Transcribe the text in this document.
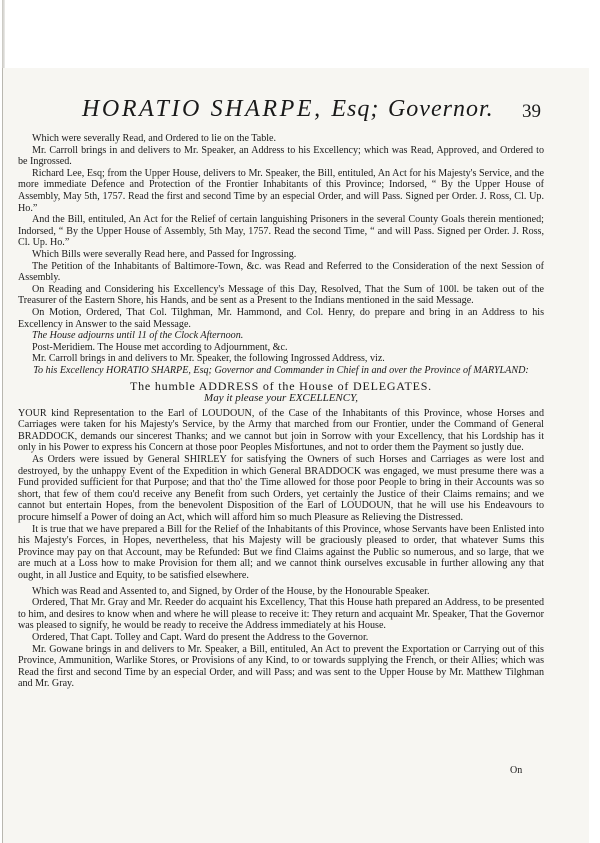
HORATIO SHARPE, Esq; Governor. 39

Which were severally Read, and Ordered to lie on the Table.

Mr. Carroll brings in and delivers to Mr. Speaker, an Address to his Excellency; which was Read, Approved, and Ordered to be Ingrossed.

Richard Lee, Esq; from the Upper House, delivers to Mr. Speaker, the Bill, entituled, An Act for his Majesty's Service, and the more immediate Defence and Protection of the Frontier Inhabitants of this Province; Indorsed, “ By the Upper House of Assembly, May 5th, 1757. Read the first and second Time by an especial Order, and will Pass. Signed per Order. J. Ross, Cl. Up. Ho.”

And the Bill, entituled, An Act for the Relief of certain languishing Prisoners in the several County Goals therein mentioned; Indorsed, “ By the Upper House of Assembly, 5th May, 1757. Read the second Time, “ and will Pass. Signed per Order. J. Ross, Cl. Up. Ho.”

Which Bills were severally Read here, and Passed for Ingrossing.

The Petition of the Inhabitants of Baltimore-Town, &c. was Read and Referred to the Consideration of the next Session of Assembly.

On Reading and Considering his Excellency's Message of this Day, Resolved, That the Sum of 100l. be taken out of the Treasurer of the Eastern Shore, his Hands, and be sent as a Present to the Indians mentioned in the said Message.

On Motion, Ordered, That Col. Tilghman, Mr. Hammond, and Col. Henry, do prepare and bring in an Address to his Excellency in Answer to the said Message.

The House adjourns until 11 of the Clock Afternoon.

Post-Meridiem. The House met according to Adjournment, &c.

Mr. Carroll brings in and delivers to Mr. Speaker, the following Ingrossed Address, viz.

To his Excellency HORATIO SHARPE, Esq; Governor and Commander in Chief in and over the Province of MARYLAND:

The humble ADDRESS of the House of DELEGATES.

May it please your EXCELLENCY,

YOUR kind Representation to the Earl of LOUDOUN, of the Case of the Inhabitants of this Province, whose Horses and Carriages were taken for his Majesty's Service, by the Army that marched from our Frontier, under the Command of General BRADDOCK, demands our sincerest Thanks; and we cannot but join in Sorrow with your Excellency, that his Lordship has it only in his Power to express his Concern at those poor Peoples Misfortunes, and not to order them the Payment so justly due.

As Orders were issued by General SHIRLEY for satisfying the Owners of such Horses and Carriages as were lost and destroyed, by the unhappy Event of the Expedition in which General BRADDOCK was engaged, we must presume there was a Fund provided sufficient for that Purpose; and that tho' the Time allowed for those poor People to bring in their Accounts was so short, that few of them cou'd receive any Benefit from such Orders, yet certainly the Justice of their Claims remains; and we cannot but entertain Hopes, from the benevolent Disposition of the Earl of LOUDOUN, that he will use his Endeavours to procure himself a Power of doing an Act, which will afford him so much Pleasure as Relieving the Distressed.

It is true that we have prepared a Bill for the Relief of the Inhabitants of this Province, whose Servants have been Enlisted into his Majesty's Forces, in Hopes, nevertheless, that his Majesty will be graciously pleased to order, that whatever Sums this Province may pay on that Account, may be Refunded: But we find Claims against the Public so numerous, and so large, that we are much at a Loss how to make Provision for them all; and we cannot think ourselves excusable in further allowing any that ought, in all Justice and Equity, to be satisfied elsewhere.

Which was Read and Assented to, and Signed, by Order of the House, by the Honourable Speaker.

Ordered, That Mr. Gray and Mr. Reeder do acquaint his Excellency, That this House hath prepared an Address, to be presented to him, and desires to know when and where he will please to receive it: They return and acquaint Mr. Speaker, That the Governor was pleased to signify, he would be ready to receive the Address immediately at his House.

Ordered, That Capt. Tolley and Capt. Ward do present the Address to the Governor.

Mr. Gowane brings in and delivers to Mr. Speaker, a Bill, entituled, An Act to prevent the Exportation or Carrying out of this Province, Ammunition, Warlike Stores, or Provisions of any Kind, to or towards supplying the French, or their Allies; which was Read the first and second Time by an especial Order, and will Pass; and was sent to the Upper House by Mr. Matthew Tilghman and Mr. Gray.

On
